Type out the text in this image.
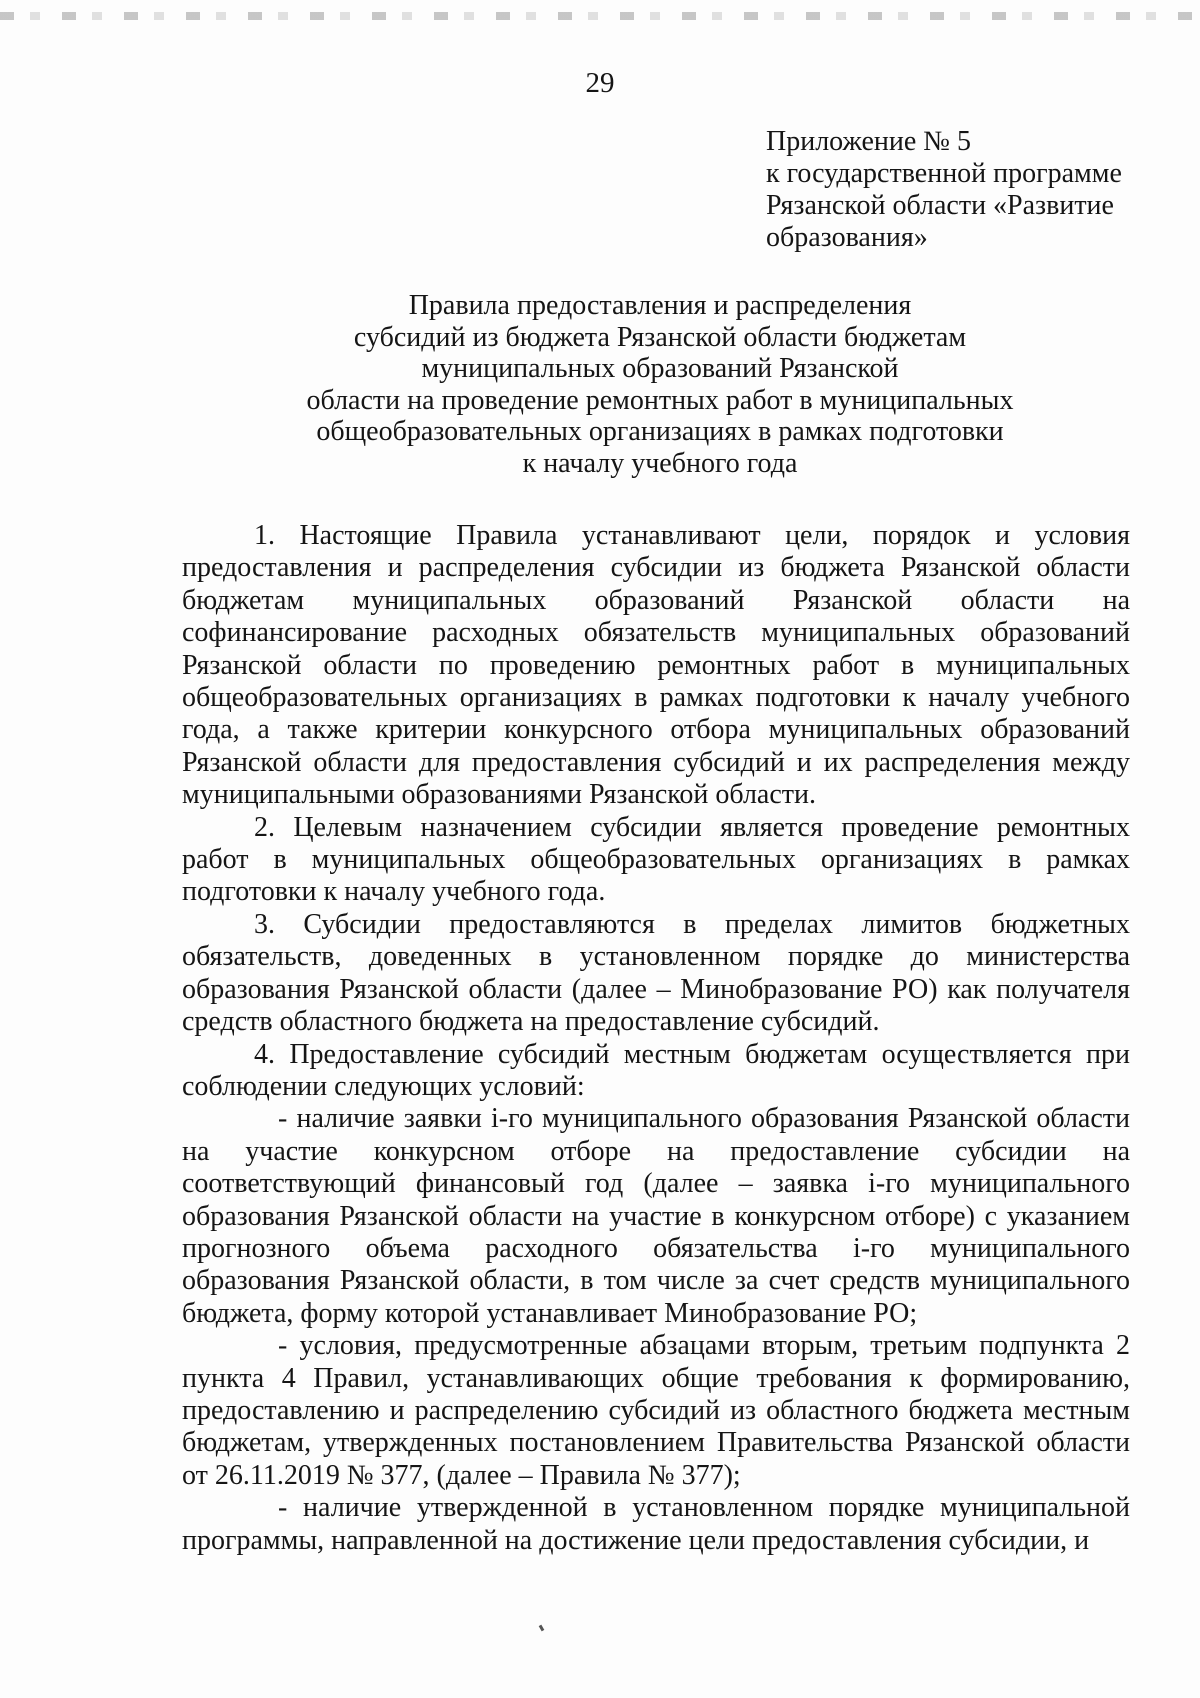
29
Приложение № 5
к государственной программе
Рязанской области «Развитие
образования»
Правила предоставления и распределения
субсидий из бюджета Рязанской области бюджетам
муниципальных образований Рязанской
области на проведение ремонтных работ в муниципальных
общеобразовательных организациях в рамках подготовки
к началу учебного года

1. Настоящие Правила устанавливают цели, порядок и условия предоставления и распределения субсидии из бюджета Рязанской области бюджетам муниципальных образований Рязанской области на софинансирование расходных обязательств муниципальных образований Рязанской области по проведению ремонтных работ в муниципальных общеобразовательных организациях в рамках подготовки к началу учебного года, а также критерии конкурсного отбора муниципальных образований Рязанской области для предоставления субсидий и их распределения между муниципальными образованиями Рязанской области.

2. Целевым назначением субсидии является проведение ремонтных работ в муниципальных общеобразовательных организациях в рамках подготовки к началу учебного года.

3. Субсидии предоставляются в пределах лимитов бюджетных обязательств, доведенных в установленном порядке до министерства образования Рязанской области (далее – Минобразование РО) как получателя средств областного бюджета на предоставление субсидий.

4. Предоставление субсидий местным бюджетам осуществляется при соблюдении следующих условий:

- наличие заявки i-го муниципального образования Рязанской области на участие конкурсном отборе на предоставление субсидии на соответствующий финансовый год (далее – заявка i-го муниципального образования Рязанской области на участие в конкурсном отборе) с указанием прогнозного объема расходного обязательства i-го муниципального образования Рязанской области, в том числе за счет средств муниципального бюджета, форму которой устанавливает Минобразование РО;

- условия, предусмотренные абзацами вторым, третьим подпункта 2 пункта 4 Правил, устанавливающих общие требования к формированию, предоставлению и распределению субсидий из областного бюджета местным бюджетам, утвержденных постановлением Правительства Рязанской области от 26.11.2019 № 377, (далее – Правила № 377);

- наличие утвержденной в установленном порядке муниципальной программы, направленной на достижение цели предоставления субсидии, и
